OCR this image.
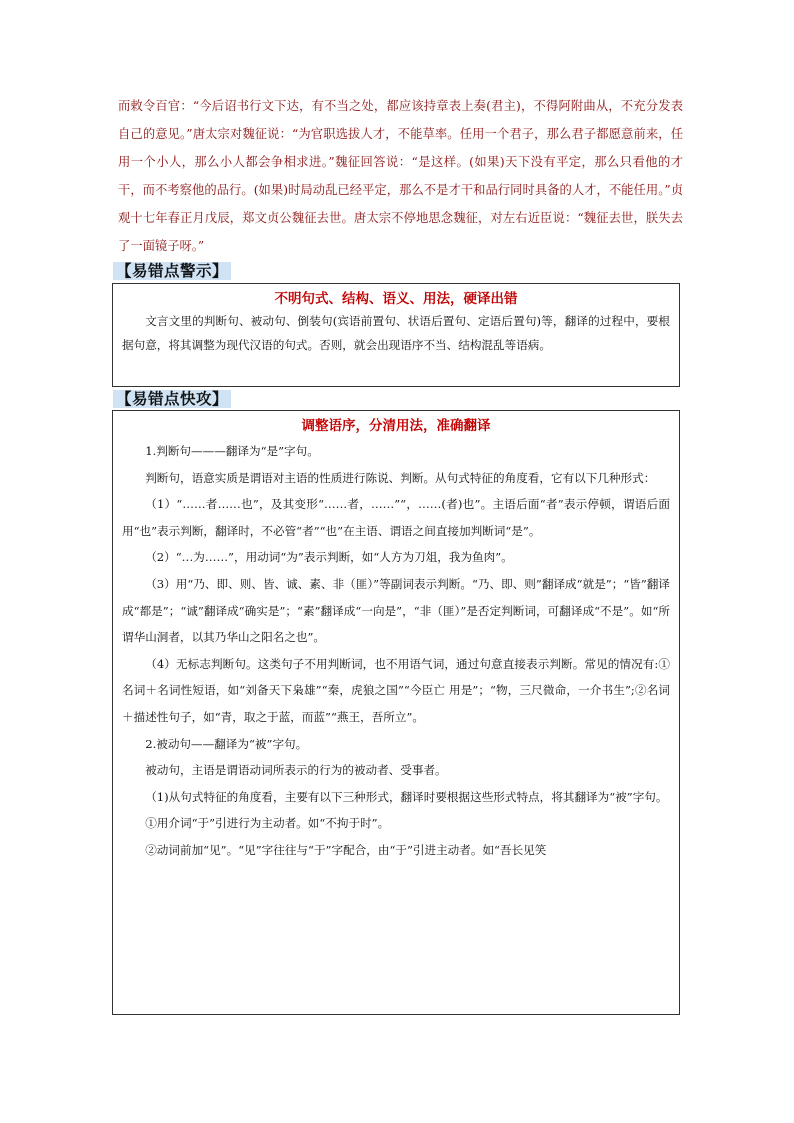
而敕令百官：“今后诏书行文下达，有不当之处，都应该持章表上奏(君主)，不得阿附曲从，不充分发表自己的意见。”唐太宗对魏征说：“为官职选拔人才，不能草率。任用一个君子，那么君子都愿意前来，任用一个小人，那么小人都会争相求进。”魏征回答说：“是这样。(如果)天下没有平定，那么只看他的才干，而不考察他的品行。(如果)时局动乱已经平定，那么不是才干和品行同时具备的人才，不能任用。”贞观十七年春正月戊辰，郑文贞公魏征去世。唐太宗不停地思念魏征，对左右近臣说：“魏征去世，朕失去了一面镜子呀。”

【易错点警示】
不明句式、结构、语义、用法，硬译出错

文言文里的判断句、被动句、倒装句(宾语前置句、状语后置句、定语后置句)等，翻译的过程中，要根据句意，将其调整为现代汉语的句式。否则，就会出现语序不当、结构混乱等语病。

【易错点快攻】
调整语序，分清用法，准确翻译

1.判断句———翻译为“是”字句。

判断句，语意实质是谓语对主语的性质进行陈说、判断。从句式特征的角度看，它有以下几种形式：

（1）“……者……也”，及其变形“……者，……”“，……(者)也”。主语后面“者”表示停顿，谓语后面用“也”表示判断，翻译时，不必管“者”“也”在主语、谓语之间直接加判断词“是”。

（2）“…为……”，用动词“为”表示判断，如“人方为刀俎，我为鱼肉”。

（3）用“乃、即、则、皆、诚、素、非（匪）”等副词表示判断。“乃、即、则”翻译成“就是”；“皆”翻译成“都是”；“诚”翻译成“确实是”；“素”翻译成“一向是”，“非（匪）”是否定判断词，可翻译成“不是”。如“所谓华山洞者，以其乃华山之阳名之也”。

（4）无标志判断句。这类句子不用判断词，也不用语气词，通过句意直接表示判断。常见的情况有:①名词＋名词性短语，如“刘备天下枭雄”“秦，虎狼之国”“今臣亡 用是”；“物，三尺微命，一介书生”;②名词＋描述性句子，如“青，取之于蓝，而蓝”“燕王，吾所立”。

2.被动句——翻译为“被”字句。

被动句，主语是谓语动词所表示的行为的被动者、受事者。

（1)从句式特征的角度看，主要有以下三种形式，翻译时要根据这些形式特点，将其翻译为“被”字句。

①用介词“于”引进行为主动者。如“不拘于时”。

②动词前加“见”。“见”字往往与“于”字配合，由“于”引进主动者。如“吾长见笑
